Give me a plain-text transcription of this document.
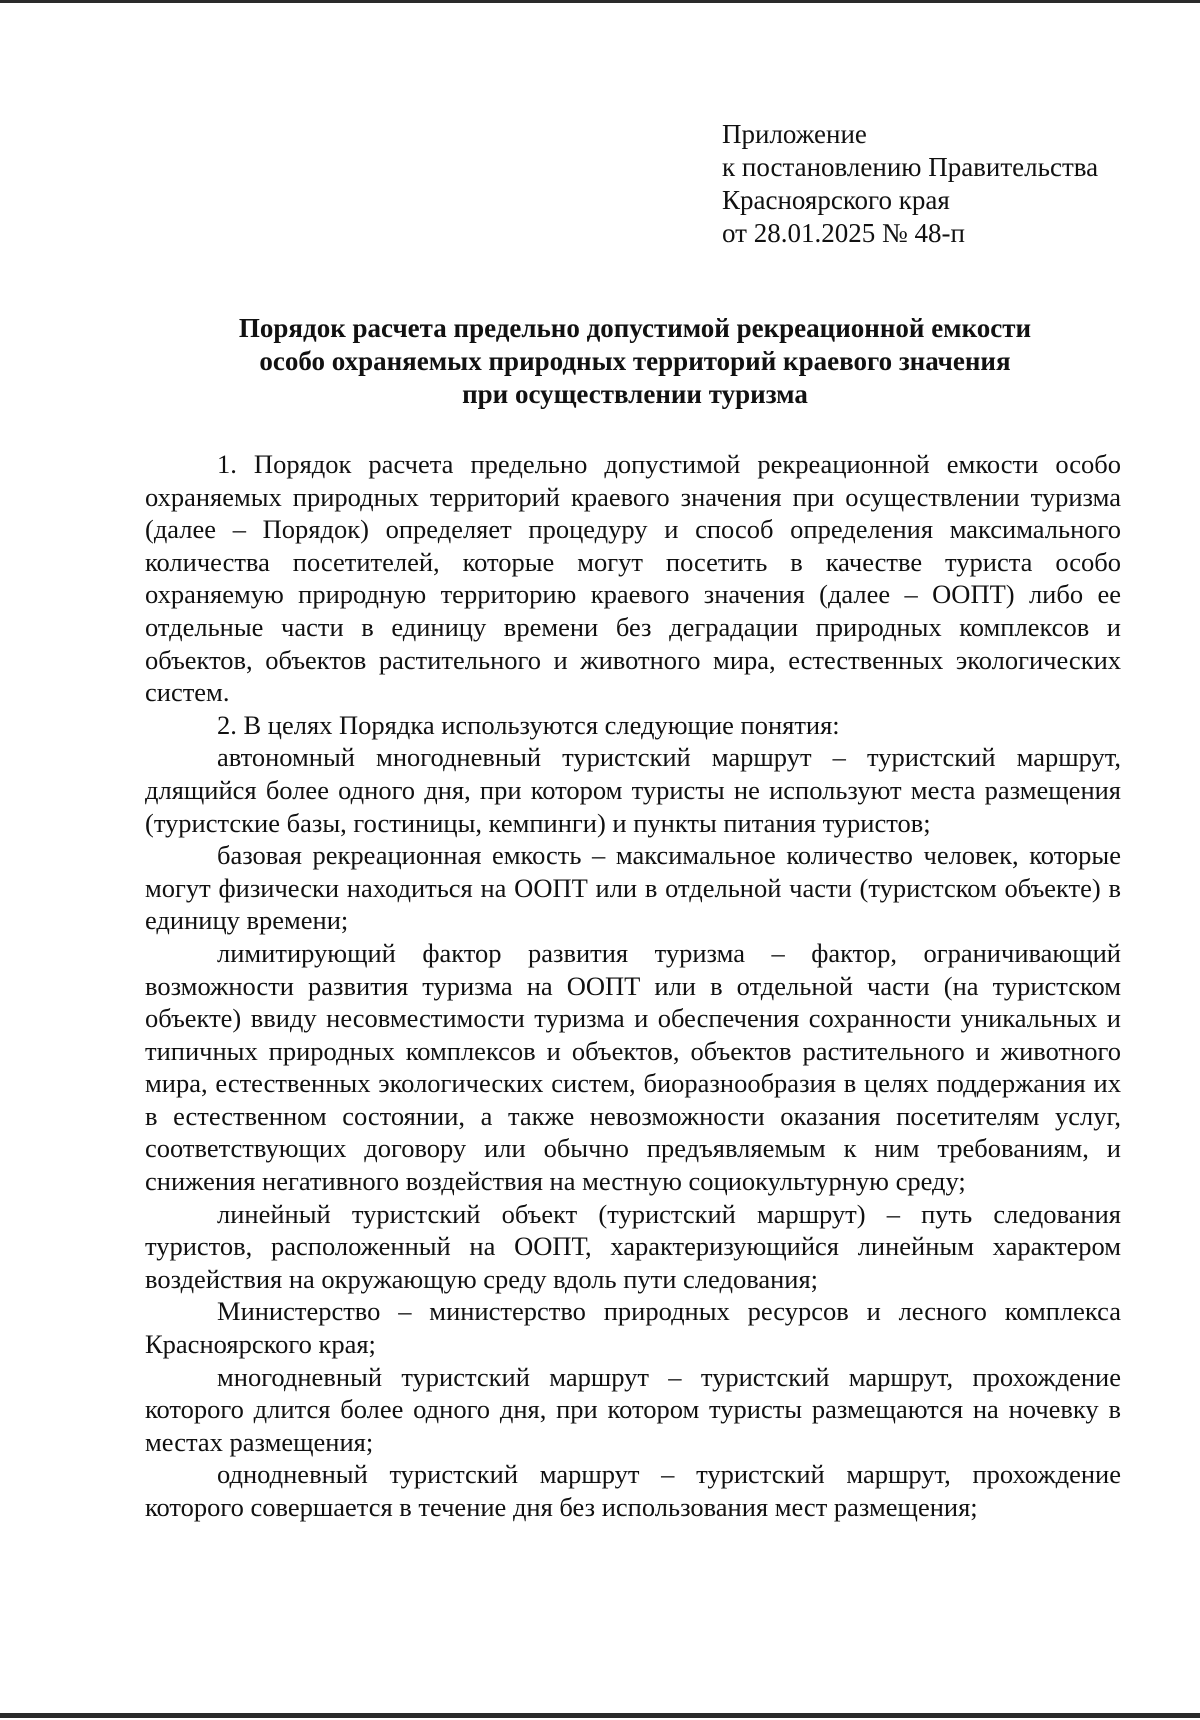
Приложение
к постановлению Правительства
Красноярского края
от 28.01.2025 № 48-п
Порядок расчета предельно допустимой рекреационной емкости
особо охраняемых природных территорий краевого значения
при осуществлении туризма

1. Порядок расчета предельно допустимой рекреационной емкости особо охраняемых природных территорий краевого значения при осуществлении туризма (далее – Порядок) определяет процедуру и способ определения максимального количества посетителей, которые могут посетить в качестве туриста особо охраняемую природную территорию краевого значения (далее – ООПТ) либо ее отдельные части в единицу времени без деградации природных комплексов и объектов, объектов растительного и животного мира, естественных экологических систем.

2. В целях Порядка используются следующие понятия:

автономный многодневный туристский маршрут – туристский маршрут, длящийся более одного дня, при котором туристы не используют места размещения (туристские базы, гостиницы, кемпинги) и пункты питания туристов;

базовая рекреационная емкость – максимальное количество человек, которые могут физически находиться на ООПТ или в отдельной части (туристском объекте) в единицу времени;

лимитирующий фактор развития туризма – фактор, ограничивающий возможности развития туризма на ООПТ или в отдельной части (на туристском объекте) ввиду несовместимости туризма и обеспечения сохранности уникальных и типичных природных комплексов и объектов, объектов растительного и животного мира, естественных экологических систем, биоразнообразия в целях поддержания их в естественном состоянии, а также невозможности оказания посетителям услуг, соответствующих договору или обычно предъявляемым к ним требованиям, и снижения негативного воздействия на местную социокультурную среду;

линейный туристский объект (туристский маршрут) – путь следования туристов, расположенный на ООПТ, характеризующийся линейным характером воздействия на окружающую среду вдоль пути следования;

Министерство – министерство природных ресурсов и лесного комплекса Красноярского края;

многодневный туристский маршрут – туристский маршрут, прохождение которого длится более одного дня, при котором туристы размещаются на ночевку в местах размещения;

однодневный туристский маршрут – туристский маршрут, прохождение которого совершается в течение дня без использования мест размещения;
